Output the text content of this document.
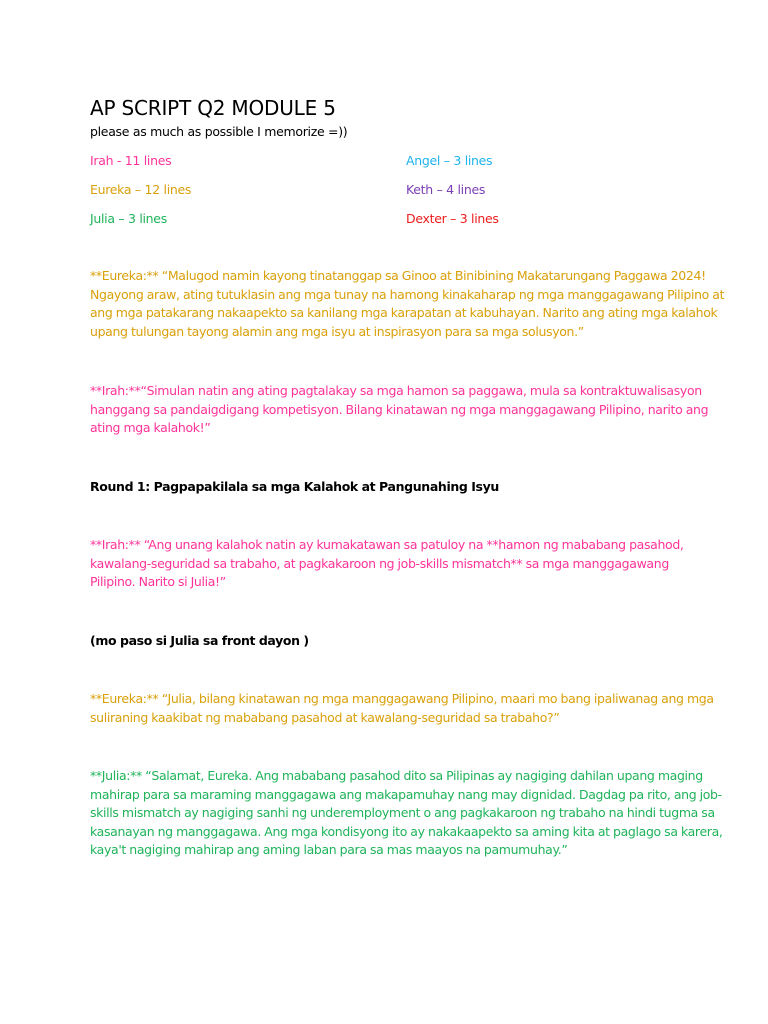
AP SCRIPT Q2 MODULE 5
please as much as possible I memorize =))
Irah - 11 lines	Angel – 3 lines
Eureka – 12 lines	Keth – 4 lines
Julia – 3 lines	Dexter – 3 lines
**Eureka:** “Malugod namin kayong tinatanggap sa Ginoo at Binibining Makatarungang Paggawa 2024!
Ngayong araw, ating tutuklasin ang mga tunay na hamong kinakaharap ng mga manggagawang Pilipino at
ang mga patakarang nakaapekto sa kanilang mga karapatan at kabuhayan. Narito ang ating mga kalahok
upang tulungan tayong alamin ang mga isyu at inspirasyon para sa mga solusyon.”
**Irah:**“Simulan natin ang ating pagtalakay sa mga hamon sa paggawa, mula sa kontraktuwalisasyon
hanggang sa pandaigdigang kompetisyon. Bilang kinatawan ng mga manggagawang Pilipino, narito ang
ating mga kalahok!”
Round 1: Pagpapakilala sa mga Kalahok at Pangunahing Isyu
**Irah:** “Ang unang kalahok natin ay kumakatawan sa patuloy na **hamon ng mababang pasahod,
kawalang-seguridad sa trabaho, at pagkakaroon ng job-skills mismatch** sa mga manggagawang
Pilipino. Narito si Julia!”
(mo paso si Julia sa front dayon )
**Eureka:** “Julia, bilang kinatawan ng mga manggagawang Pilipino, maari mo bang ipaliwanag ang mga
suliraning kaakibat ng mababang pasahod at kawalang-seguridad sa trabaho?”
**Julia:** “Salamat, Eureka. Ang mababang pasahod dito sa Pilipinas ay nagiging dahilan upang maging
mahirap para sa maraming manggagawa ang makapamuhay nang may dignidad. Dagdag pa rito, ang job-
skills mismatch ay nagiging sanhi ng underemployment o ang pagkakaroon ng trabaho na hindi tugma sa
kasanayan ng manggagawa. Ang mga kondisyong ito ay nakakaapekto sa aming kita at paglago sa karera,
kaya't nagiging mahirap ang aming laban para sa mas maayos na pamumuhay.”
